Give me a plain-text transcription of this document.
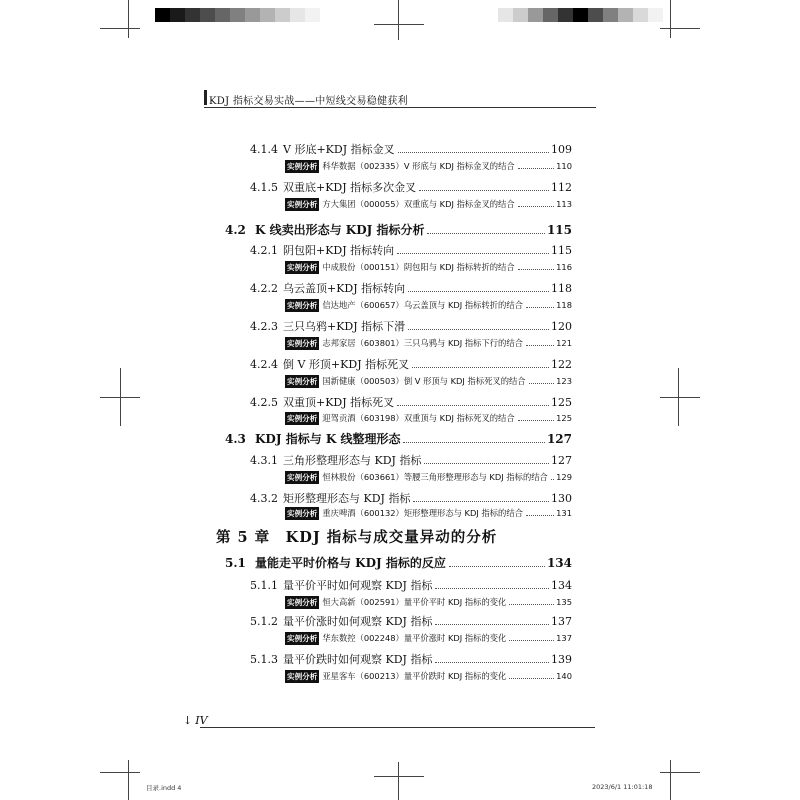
KDJ 指标交易实战——中短线交易稳健获利
4.1.4 V 形底+KDJ 指标金叉	109
实例分析 科华数据（002335）V 形底与 KDJ 指标金叉的结合	110
4.1.5 双重底+KDJ 指标多次金叉	112
实例分析 方大集团（000055）双重底与 KDJ 指标金叉的结合	113
4.2 K 线卖出形态与 KDJ 指标分析	115
4.2.1 阴包阳+KDJ 指标转向	115
实例分析 中成股份（000151）阴包阳与 KDJ 指标转折的结合	116
4.2.2 乌云盖顶+KDJ 指标转向	118
实例分析 信达地产（600657）乌云盖顶与 KDJ 指标转折的结合	118
4.2.3 三只乌鸦+KDJ 指标下滑	120
实例分析 志邦家居（603801）三只乌鸦与 KDJ 指标下行的结合	121
4.2.4 倒 V 形顶+KDJ 指标死叉	122
实例分析 国新健康（000503）倒 V 形顶与 KDJ 指标死叉的结合	123
4.2.5 双重顶+KDJ 指标死叉	125
实例分析 迎驾贡酒（603198）双重顶与 KDJ 指标死叉的结合	125
4.3 KDJ 指标与 K 线整理形态	127
4.3.1 三角形整理形态与 KDJ 指标	127
实例分析 恒林股份（603661）等腰三角形整理形态与 KDJ 指标的结合 129
4.3.2 矩形整理形态与 KDJ 指标	130
实例分析 重庆啤酒（600132）矩形整理形态与 KDJ 指标的结合	131
5.1 量能走平时价格与 KDJ 指标的反应	134
5.1.1 量平价平时如何观察 KDJ 指标	134
实例分析 恒大高新（002591）量平价平时 KDJ 指标的变化	135
5.1.2 量平价涨时如何观察 KDJ 指标	137
实例分析 华东数控（002248）量平价涨时 KDJ 指标的变化	137
5.1.3 量平价跌时如何观察 KDJ 指标	139
实例分析 亚星客车（600213）量平价跌时 KDJ 指标的变化	140
第 5 章　KDJ 指标与成交量异动的分析
↓ IV
目录.indd 4	2023/6/1 11:01:18
